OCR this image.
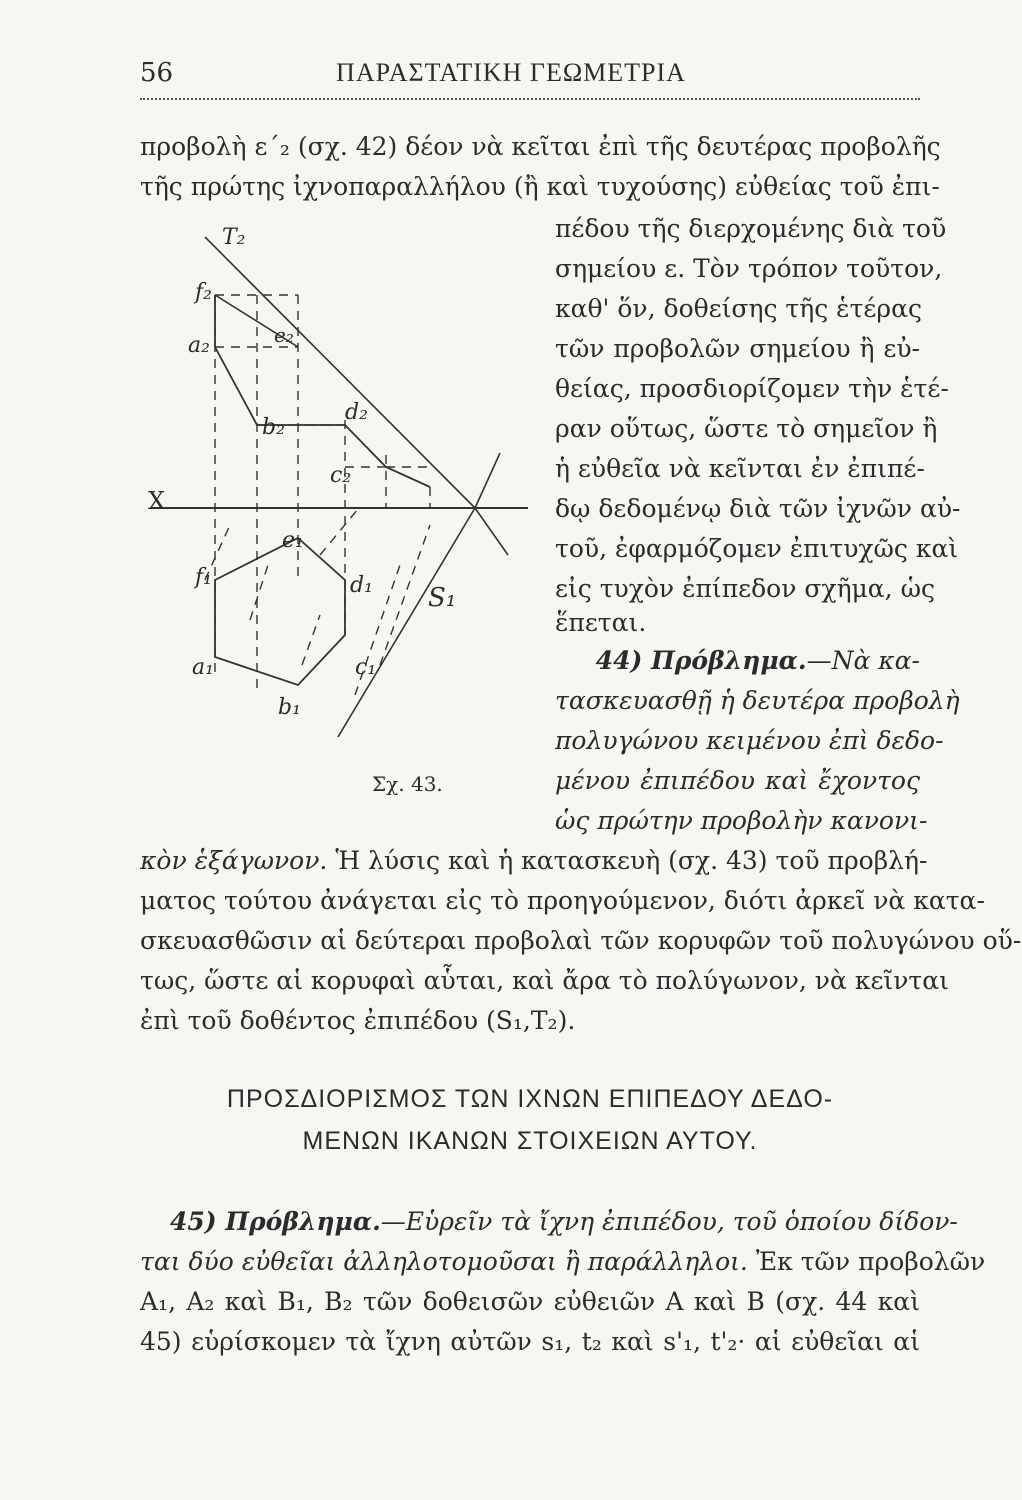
56	ΠΑΡΑΣΤΑΤΙΚΗ ΓΕΩΜΕΤΡΙΑ
προβολὴ ε΄₂ (σχ. 42) δέον νὰ κεῖται ἐπὶ τῆς δευτέρας προβολῆς
τῆς πρώτης ἰχνοπαραλλήλου (ἢ καὶ τυχούσης) εὐθείας τοῦ ἐπι-
πέδου τῆς διερχομένης διὰ τοῦ
σημείου ε. Τὸν τρόπον τοῦτον,
καθ' ὅν, δοθείσης τῆς ἑτέρας
τῶν προβολῶν σημείου ἢ εὐ-
θείας, προσδιορίζομεν τὴν ἑτέ-
ραν οὕτως, ὥστε τὸ σημεῖον ἢ
ἡ εὐθεῖα νὰ κεῖνται ἐν ἐπιπέ-
δῳ δεδομένῳ διὰ τῶν ἰχνῶν αὐ-
τοῦ, ἐφαρμόζομεν ἐπιτυχῶς καὶ
εἰς τυχὸν ἐπίπεδον σχῆμα, ὡς
ἕπεται.
44) Πρόβλημα.—Νὰ κα-
τασκευασθῇ ἡ δευτέρα προβολὴ
πολυγώνου κειμένου ἐπὶ δεδο-
μένου ἐπιπέδου καὶ ἔχοντος
ὡς πρώτην προβολὴν κανονι-
κὸν ἑξάγωνον. Ἡ λύσις καὶ ἡ κατασκευὴ (σχ. 43) τοῦ προβλή-
ματος τούτου ἀνάγεται εἰς τὸ προηγούμενον, διότι ἀρκεῖ νὰ κατα-
σκευασθῶσιν αἱ δεύτεραι προβολαὶ τῶν κορυφῶν τοῦ πολυγώνου οὕ-
τως, ὥστε αἱ κορυφαὶ αὗται, καὶ ἄρα τὸ πολύγωνον, νὰ κεῖνται
ἐπὶ τοῦ δοθέντος ἐπιπέδου (S₁,T₂).
T₂
f₂
a₂	e₂
b₂
d₂
c₂
X
e₁
f₁	d₁ S₁
a₁	c₁
b₁
Σχ. 43.
ΠΡΟΣΔΙΟΡΙΣΜΟΣ ΤΩΝ ΙΧΝΩΝ ΕΠΙΠΕΔΟΥ ΔΕΔΟ-
ΜΕΝΩΝ ΙΚΑΝΩΝ ΣΤΟΙΧΕΙΩΝ ΑΥΤΟΥ.
45) Πρόβλημα.—Εὑρεῖν τὰ ἴχνη ἐπιπέδου, τοῦ ὁποίου δίδον-
ται δύο εὐθεῖαι ἀλληλοτομοῦσαι ἢ παράλληλοι. Ἐκ τῶν προβολῶν
A₁, A₂ καὶ B₁, B₂ τῶν δοθεισῶν εὐθειῶν A καὶ B (σχ. 44 καὶ
45) εὑρίσκομεν τὰ ἴχνη αὐτῶν s₁, t₂ καὶ s'₁, t'₂· αἱ εὐθεῖαι αἱ
